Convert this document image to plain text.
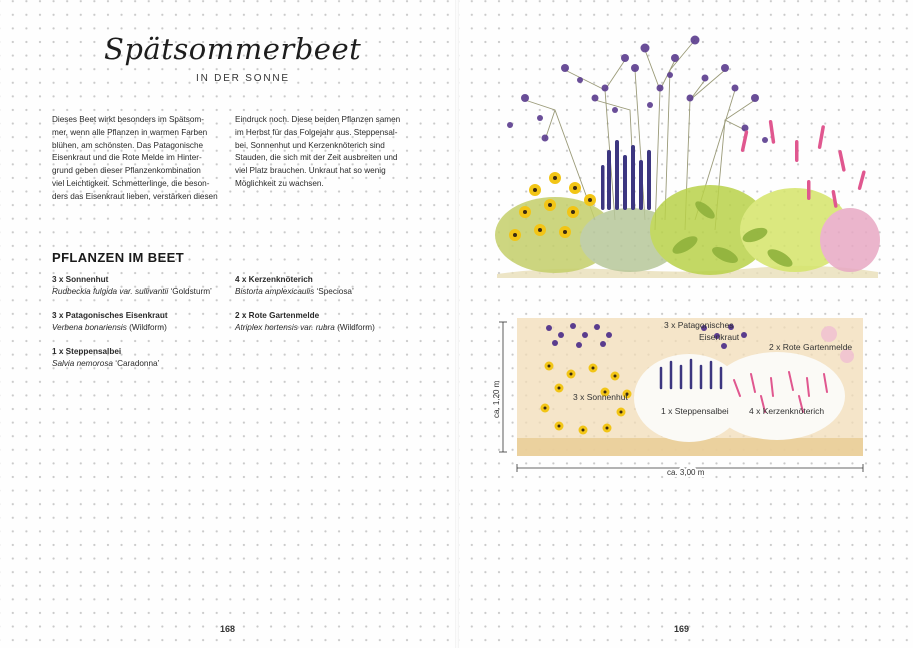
Spätsommerbeet
IN DER SONNE
Dieses Beet wirkt besonders im Spätsom-
mer, wenn alle Pflanzen in warmen Farben
blühen, am schönsten. Das Patagonische
Eisenkraut und die Rote Melde im Hinter-
grund geben dieser Pflanzenkombination
viel Leichtigkeit. Schmetterlinge, die beson-
ders das Eisenkraut lieben, verstärken diesen
Eindruck noch. Diese beiden Pflanzen samen
im Herbst für das Folgejahr aus. Steppensal-
bei, Sonnenhut und Kerzenknöterich sind
Stauden, die sich mit der Zeit ausbreiten und
viel Platz brauchen. Unkraut hat so wenig
Möglichkeit zu wachsen.
PFLANZEN IM BEET
3 x Sonnenhut
Rudbeckia fulgida var. sullivantii ‘Goldsturm’
3 x Patagonisches Eisenkraut
Verbena bonariensis (Wildform)
1 x Steppensalbei
Salvia nemorosa ‘Caradonna’
4 x Kerzenknöterich
Bistorta amplexicaulis ‘Speciosa’
2 x Rote Gartenmelde
Atriplex hortensis var. rubra (Wildform)
168
3 x Patagonisches
Eisenkraut
2 x Rote Gartenmelde
3 x Sonnenhut
1 x Steppensalbei 4 x Kerzenknöterich
ca. 1,20 m
ca. 3,00 m
169
